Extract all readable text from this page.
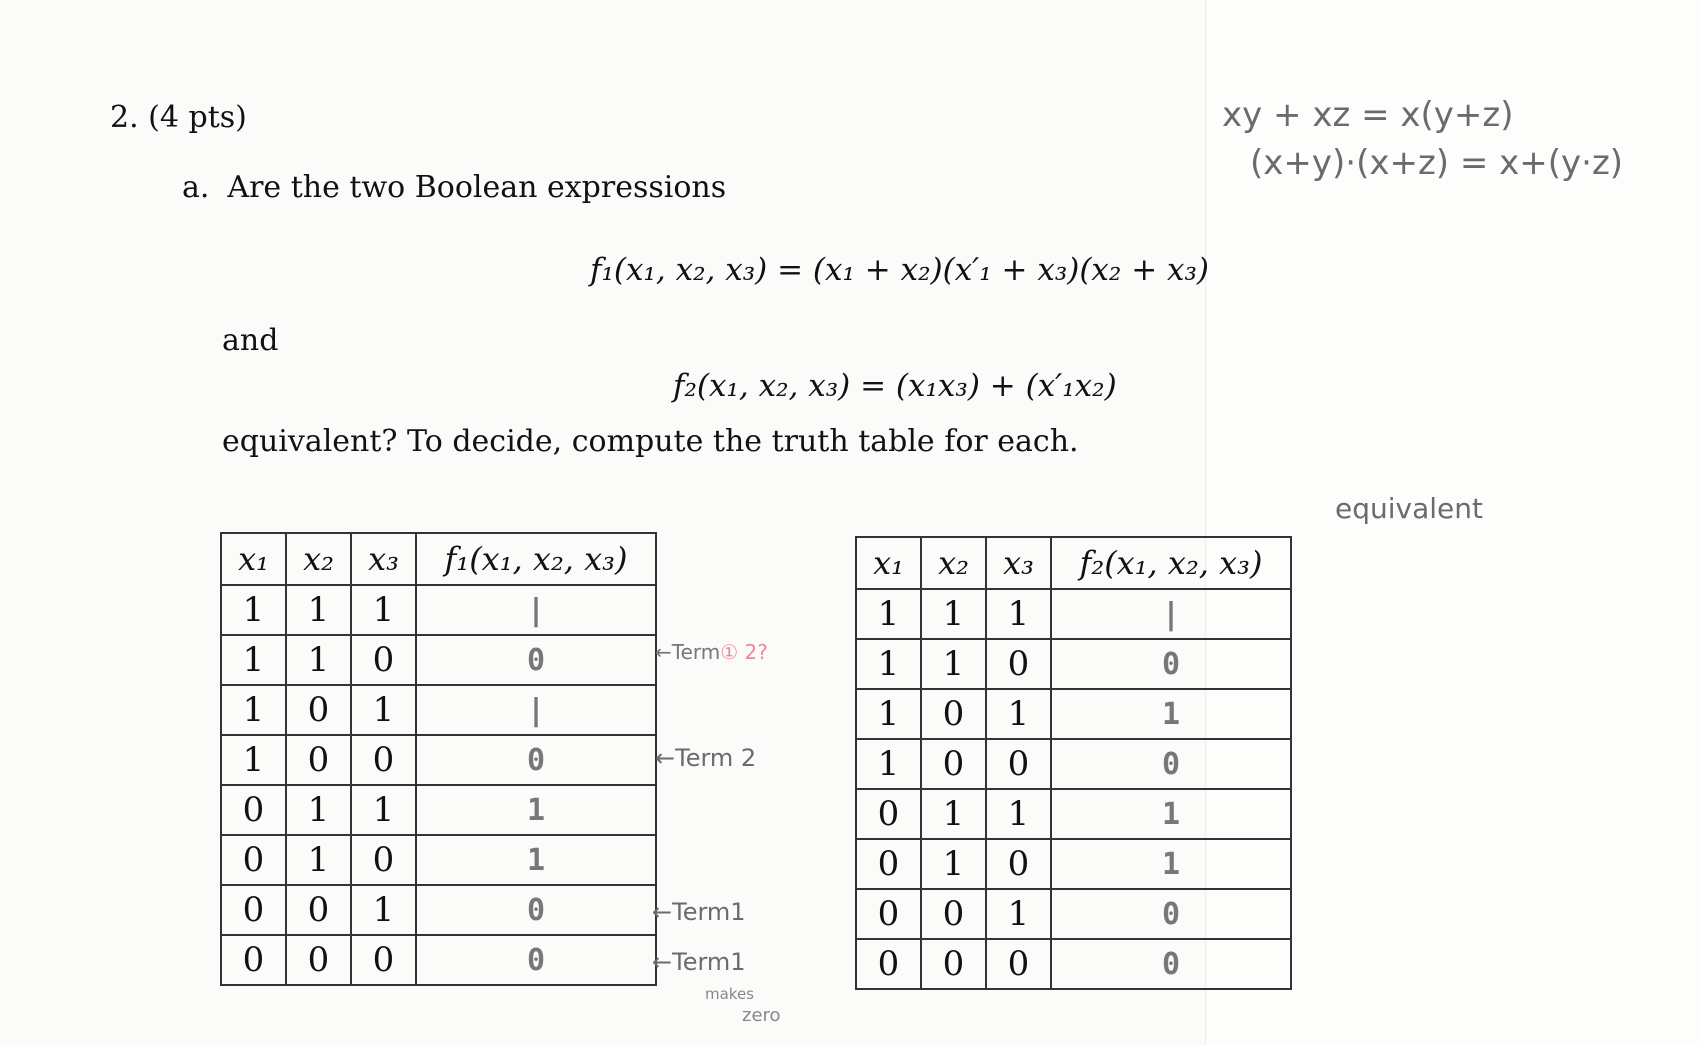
2. (4 pts)
a. Are the two Boolean expressions
f₁(x₁, x₂, x₃) = (x₁ + x₂)(x′₁ + x₃)(x₂ + x₃)
and
f₂(x₁, x₂, x₃) = (x₁x₃) + (x′₁x₂)
equivalent? To decide, compute the truth table for each.
x₁	x₂	x₃	f₁(x₁, x₂, x₃)
1	1	1	|
1	1	0	0
1	0	1	|
1	0	0	0
0	1	1	1
0	1	0	1
0	0	1	0
0	0	0	0
x₁	x₂	x₃	f₂(x₁, x₂, x₃)
1	1	1	|
1	1	0	0
1	0	1	1
1	0	0	0
0	1	1	1
0	1	0	1
0	0	1	0
0	0	0	0
xy + xz = x(y+z)
(x+y)·(x+z) = x+(y·z)
equivalent
←Term① 2?
←Term 2
←Term1
←Term1
makes
zero
